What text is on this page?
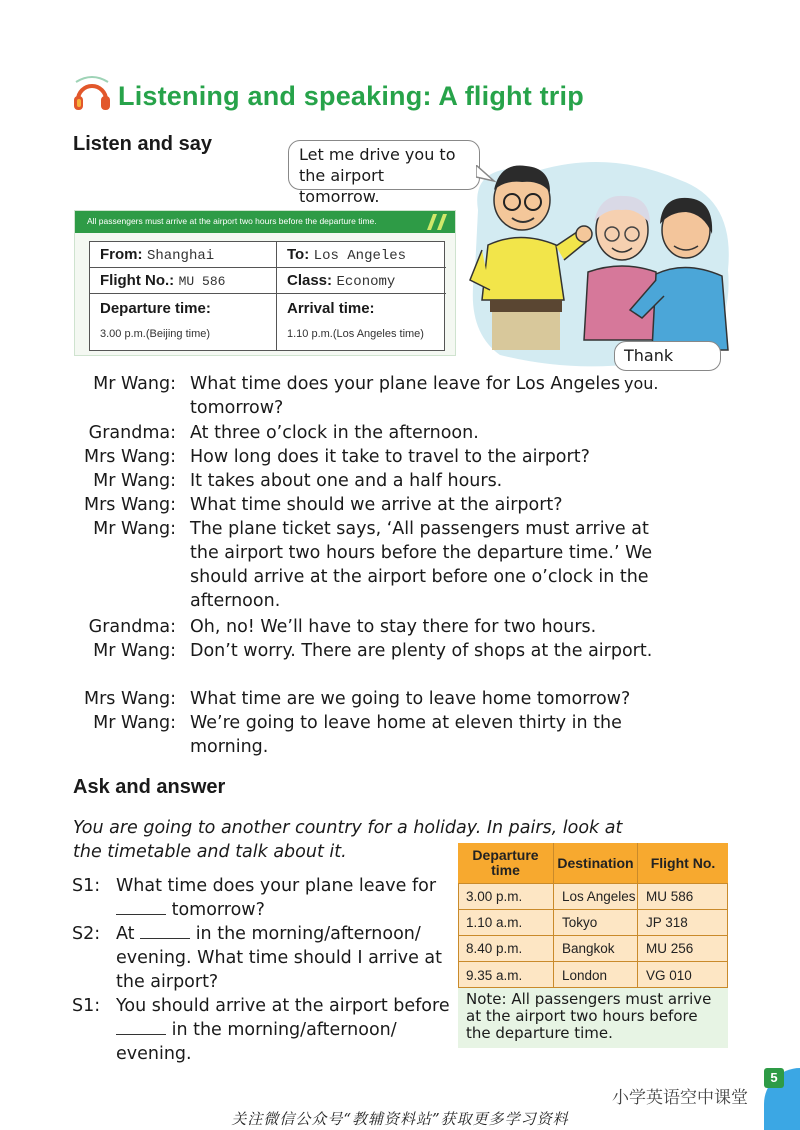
Listening and speaking: A flight trip
Listen and say
All passengers must arrive at the airport two hours before the departure time.
From: Shanghai	To: Los Angeles
Flight No.: MU 586	Class: Economy
Departure time:
3.00 p.m.(Beijing time)
Arrival time:
1.10 p.m.(Los Angeles time)
Let me drive you to the airport tomorrow.
Thank you.
Mr Wang: What time does your plane leave for Los Angeles tomorrow?
Grandma: At three o’clock in the afternoon.
Mrs Wang: How long does it take to travel to the airport?
Mr Wang: It takes about one and a half hours.
Mrs Wang: What time should we arrive at the airport?
Mr Wang: The plane ticket says, ‘All passengers must arrive at the airport two hours before the departure time.’ We should arrive at the airport before one o’clock in the afternoon.
Grandma: Oh, no! We’ll have to stay there for two hours.
Mr Wang: Don’t worry. There are plenty of shops at the airport.
Mrs Wang: What time are we going to leave home tomorrow?
Mr Wang: We’re going to leave home at eleven thirty in the morning.
Ask and answer
You are going to another country for a holiday. In pairs, look at the timetable and talk about it.
S1: What time does your plane leave for
tomorrow?
S2: At	in the morning/afternoon/ evening. What time should I arrive at the airport?
S1: You should arrive at the airport before
in the morning/afternoon/ evening.
Departure time	Destination	Flight No.
3.00 p.m.	Los Angeles MU 586
1.10 a.m.	Tokyo	JP 318
8.40 p.m.	Bangkok	MU 256
9.35 a.m.	London	VG 010
Note: All passengers must arrive at the airport two hours before the departure time.
小学英语空中课堂
5
关注微信公众号“教辅资料站”获取更多学习资料
